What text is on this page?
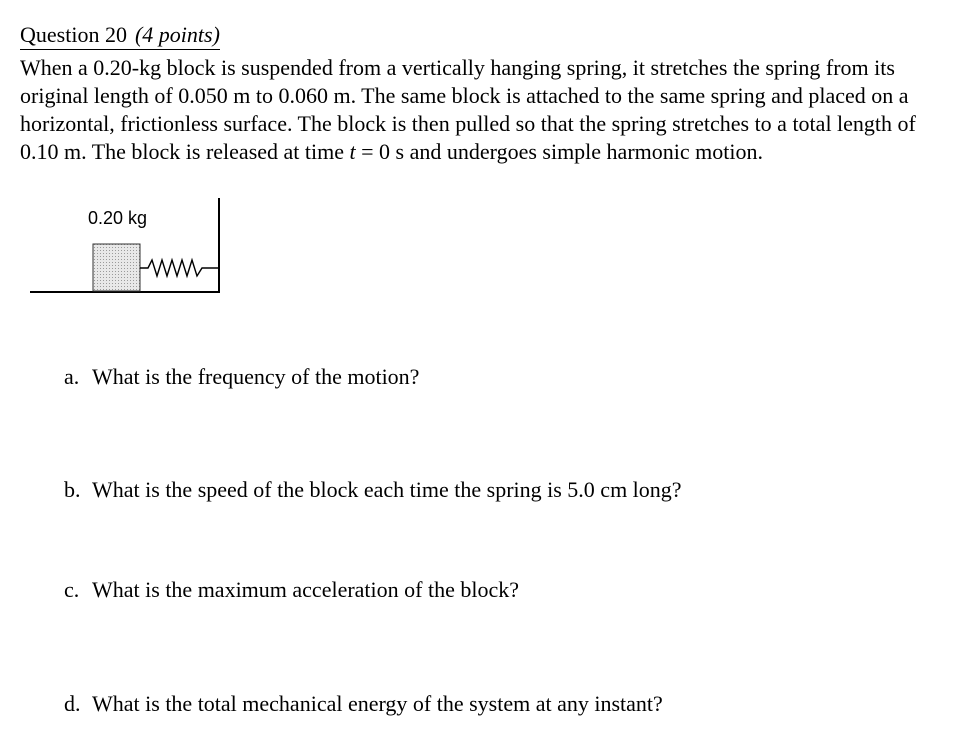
Question 20 (4 points)

When a 0.20-kg block is suspended from a vertically hanging spring, it stretches the spring from its original length of 0.050 m to 0.060 m. The same block is attached to the same spring and placed on a horizontal, frictionless surface. The block is then pulled so that the spring stretches to a total length of 0.10 m. The block is released at time t = 0 s and undergoes simple harmonic motion.

0.20 kg
a. What is the frequency of the motion?
b. What is the speed of the block each time the spring is 5.0 cm long?
c. What is the maximum acceleration of the block?
d. What is the total mechanical energy of the system at any instant?
